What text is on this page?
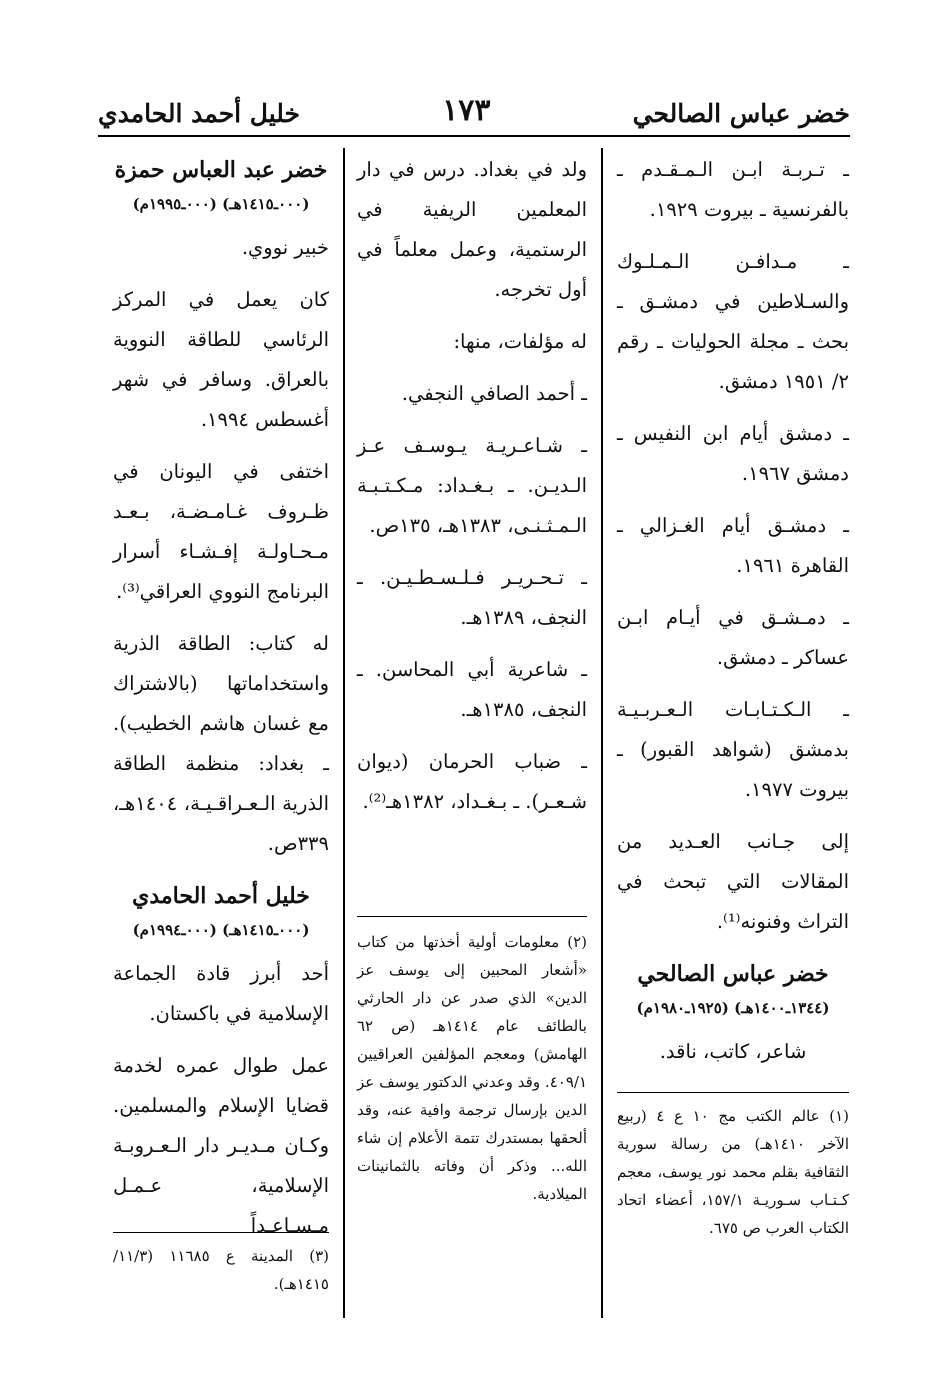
خضر عباس الصالحي
١٧٣
خليل أحمد الحامدي

ـ تـربـة ابـن الـمـقـدم ـ بالفرنسية ـ بيروت ١٩٢٩.

ـ مـدافـن الـمـلـوك والسـلاطين في دمشـق ـ بحث ـ مجلة الحوليات ـ رقم ٢/ ١٩٥١ دمشق.

ـ دمشق أيام ابن النفيس ـ دمشق ١٩٦٧.

ـ دمشـق أيام الغـزالي ـ القاهرة ١٩٦١.

ـ دمـشـق في أيـام ابـن عساكر ـ دمشق.

ـ الـكـتـابـات الـعـربـيـة بدمشق (شواهد القبور) ـ بيروت ١٩٧٧.

إلى جـانب العـديد من المقالات التي تبحث في التراث وفنونه⁽¹⁾.

خضر عباس الصالحي
(١٣٤٤ـ١٤٠٠هـ) (١٩٢٥ـ١٩٨٠م)

شاعر، كاتب، ناقد.

(١) عالم الكتب مج ١٠ ع ٤ (ربيع الآخر ١٤١٠هـ) من رسالة سورية الثقافية بقلم محمد نور يوسف، معجم كـتـاب سـوريـة ١٥٧/١، أعضاء اتحاد الكتاب العرب ص ٦٧٥.

ولد في بغداد. درس في دار المعلمين الريفية في الرستمية، وعمل معلماً في أول تخرجه.

له مؤلفات، منها:

ـ أحمد الصافي النجفي.

ـ شـاعـريـة يـوسـف عـز الـديـن. ـ بـغـداد: مـكـتـبـة الـمـثـنـى، ١٣٨٣هـ، ١٣٥ص.

ـ تـحـريـر فـلـسـطـيـن. ـ النجف، ١٣٨٩هـ.

ـ شاعرية أبي المحاسن. ـ النجف، ١٣٨٥هـ.

ـ ضباب الحرمان (ديوان شـعـر). ـ بـغـداد، ١٣٨٢هـ⁽²⁾.

(٢) معلومات أولية أخذتها من كتاب «أشعار المحبين إلى يوسف عز الدين» الذي صدر عن دار الحارثي بالطائف عام ١٤١٤هـ (ص ٦٢ الهامش) ومعجم المؤلفين العراقيين ٤٠٩/١. وقد وعدني الدكتور يوسف عز الدين بإرسال ترجمة وافية عنه، وقد ألحقها بمستدرك تتمة الأعلام إن شاء الله... وذكر أن وفاته بالثمانينات الميلادية.

خضر عبد العباس حمزة
(٠٠٠ـ١٤١٥هـ) (٠٠٠ـ١٩٩٥م)

خبير نووي.

كان يعمل في المركز الرئاسي للطاقة النووية بالعراق. وسافر في شهر أغسطس ١٩٩٤.

اختفى في اليونان في ظـروف غـامـضـة، بـعـد مـحـاولـة إفـشـاء أسرار البرنامج النووي العراقي⁽³⁾.

له كتاب: الطاقة الذرية واستخداماتها (بالاشتراك مع غسان هاشم الخطيب). ـ بغداد: منظمة الطاقة الذرية الـعـراقـيـة، ١٤٠٤هـ، ٣٣٩ص.

خليل أحمد الحامدي
(٠٠٠ـ١٤١٥هـ) (٠٠٠ـ١٩٩٤م)

أحد أبرز قادة الجماعة الإسلامية في باكستان.

عمل طوال عمره لخدمة قضايا الإسلام والمسلمين. وكـان مـديـر دار الـعـروبـة الإسلامية، عـمـل مـسـاعـداً

(٣) المدينة ع ١١٦٨٥ (١١/٣/ ١٤١٥هـ).
